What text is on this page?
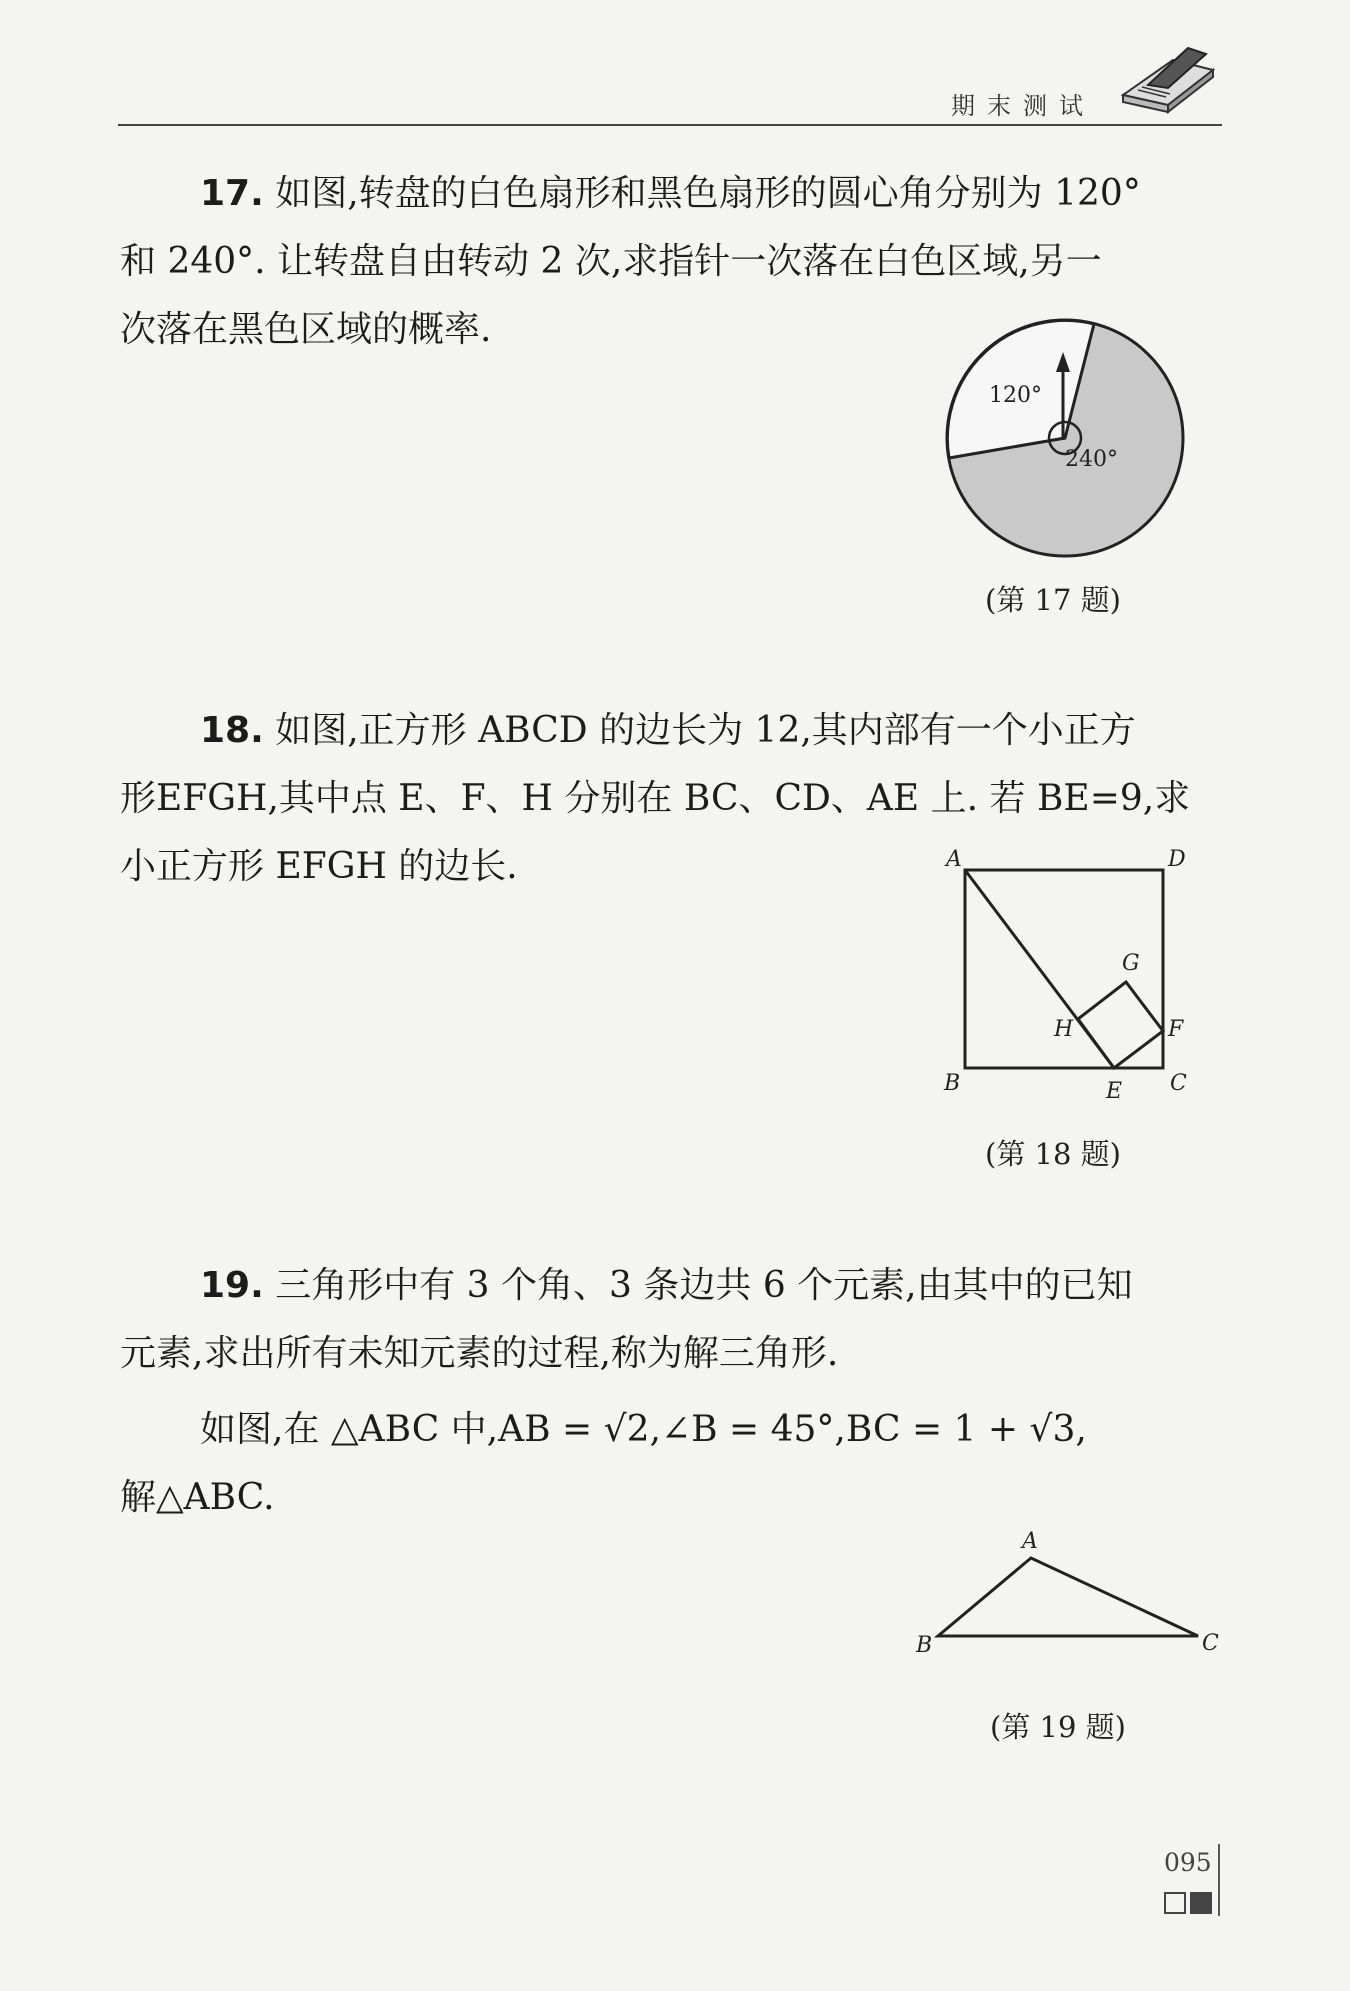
期末测试
17. 如图,转盘的白色扇形和黑色扇形的圆心角分别为 120°
和 240°. 让转盘自由转动 2 次,求指针一次落在白色区域,另一
次落在黑色区域的概率.
120°
240°
(第 17 题)
18. 如图,正方形 ABCD 的边长为 12,其内部有一个小正方
形EFGH,其中点 E、F、H 分别在 BC、CD、AE 上. 若 BE=9,求
小正方形 EFGH 的边长.	A	D
B	C
E
F
G
H
(第 18 题)
19. 三角形中有 3 个角、3 条边共 6 个元素,由其中的已知
元素,求出所有未知元素的过程,称为解三角形.
如图,在 △ABC 中,AB = √2,∠B = 45°,BC = 1 + √3,
解△ABC.
A
B	C
(第 19 题)
095
